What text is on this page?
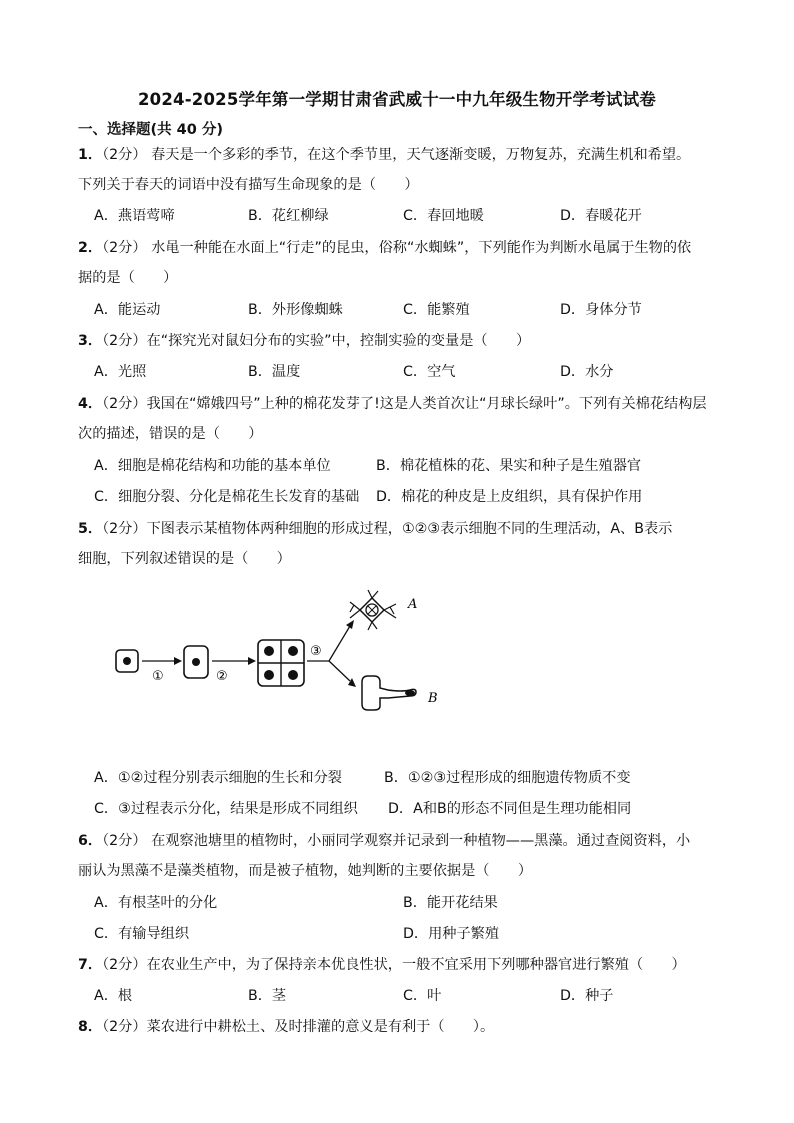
2024-2025学年第一学期甘肃省武威十一中九年级生物开学考试试卷
一、选择题(共 40 分)
1．（2分） 春天是一个多彩的季节，在这个季节里，天气逐渐变暖，万物复苏，充满生机和希望。
下列关于春天的词语中没有描写生命现象的是（　　）
A．燕语莺啼	B．花红柳绿	C．春回地暖	D．春暖花开
2．（2分） 水黾一种能在水面上“行走”的昆虫，俗称“水蜘蛛”，下列能作为判断水黾属于生物的依
据的是（　　）
A．能运动	B．外形像蜘蛛	C．能繁殖	D．身体分节
3．（2分）在“探究光对鼠妇分布的实验”中，控制实验的变量是（　　）
A．光照	B．温度	C．空气	D．水分
4．（2分）我国在“嫦娥四号”上种的棉花发芽了!这是人类首次让“月球长绿叶”。下列有关棉花结构层
次的描述，错误的是（　　）
A．细胞是棉花结构和功能的基本单位	B．棉花植株的花、果实和种子是生殖器官
C．细胞分裂、分化是棉花生长发育的基础 D．棉花的种皮是上皮组织，具有保护作用
5．（2分）下图表示某植物体两种细胞的形成过程，①②③表示细胞不同的生理活动，A、B表示
细胞，下列叙述错误的是（　　）
①	②
③
A
B
A．①②过程分别表示细胞的生长和分裂	B．①②③过程形成的细胞遗传物质不变
C．③过程表示分化，结果是形成不同组织 D．A和B的形态不同但是生理功能相同
6．（2分） 在观察池塘里的植物时，小丽同学观察并记录到一种植物——黑藻。通过查阅资料，小
丽认为黑藻不是藻类植物，而是被子植物，她判断的主要依据是（　　）
A．有根茎叶的分化	B．能开花结果
C．有输导组织	D．用种子繁殖
7．（2分）在农业生产中，为了保持亲本优良性状，一般不宜采用下列哪种器官进行繁殖（　　）
A．根	B．茎	C．叶	D．种子
8．（2分）菜农进行中耕松土、及时排灌的意义是有利于（　　）。
